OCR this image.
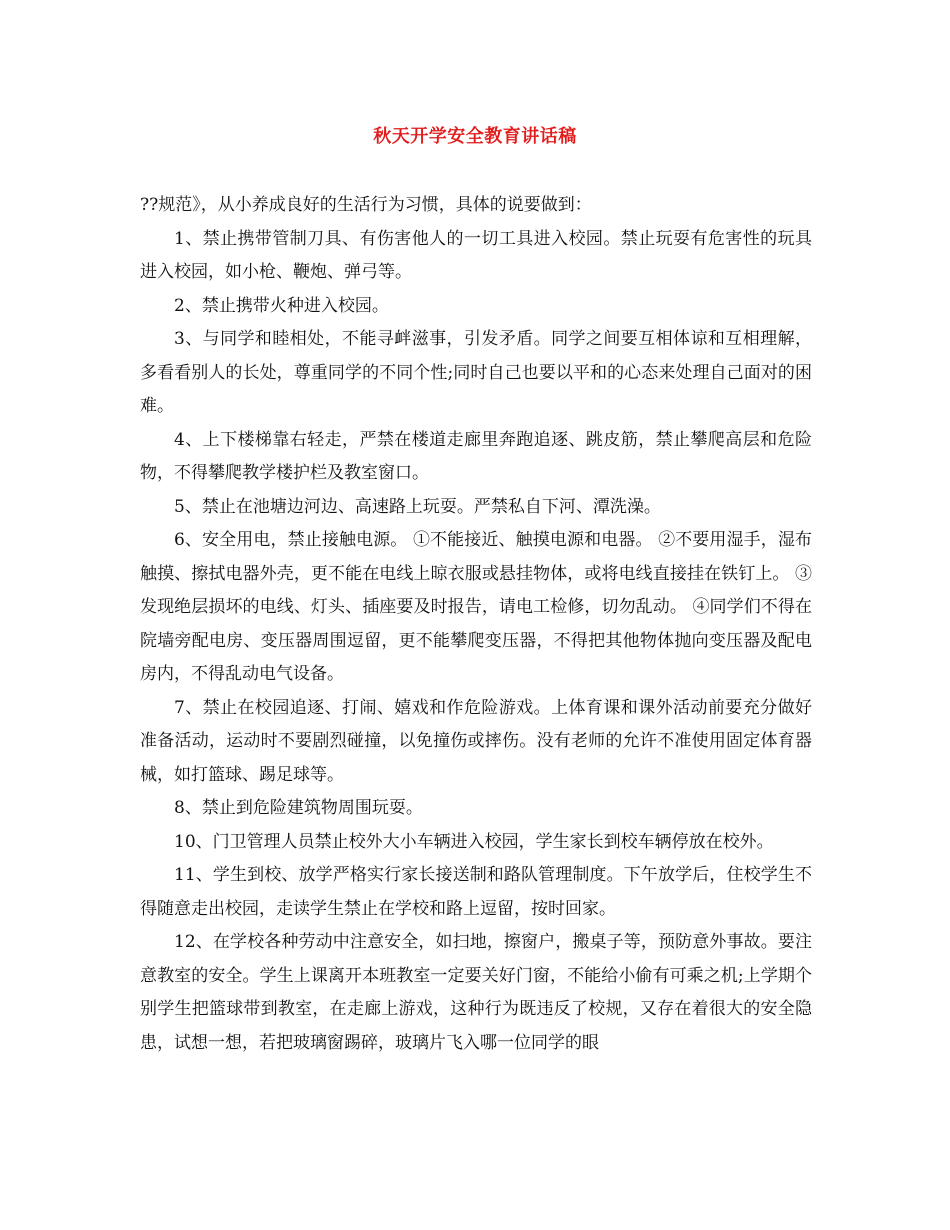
秋天开学安全教育讲话稿

??规范》，从小养成良好的生活行为习惯，具体的说要做到：

1、禁止携带管制刀具、有伤害他人的一切工具进入校园。禁止玩耍有危害性的玩具进入校园，如小枪、鞭炮、弹弓等。

2、禁止携带火种进入校园。

3、与同学和睦相处，不能寻衅滋事，引发矛盾。同学之间要互相体谅和互相理解，多看看别人的长处，尊重同学的不同个性;同时自己也要以平和的心态来处理自己面对的困难。

4、上下楼梯靠右轻走，严禁在楼道走廊里奔跑追逐、跳皮筋，禁止攀爬高层和危险物，不得攀爬教学楼护栏及教室窗口。

5、禁止在池塘边河边、高速路上玩耍。严禁私自下河、潭洗澡。

6、安全用电，禁止接触电源。 ①不能接近、触摸电源和电器。 ②不要用湿手，湿布触摸、擦拭电器外壳，更不能在电线上晾衣服或悬挂物体，或将电线直接挂在铁钉上。 ③发现绝层损坏的电线、灯头、插座要及时报告，请电工检修，切勿乱动。 ④同学们不得在院墙旁配电房、变压器周围逗留，更不能攀爬变压器，不得把其他物体抛向变压器及配电房内，不得乱动电气设备。

7、禁止在校园追逐、打闹、嬉戏和作危险游戏。上体育课和课外活动前要充分做好准备活动，运动时不要剧烈碰撞，以免撞伤或摔伤。没有老师的允许不准使用固定体育器械，如打篮球、踢足球等。

8、禁止到危险建筑物周围玩耍。

10、门卫管理人员禁止校外大小车辆进入校园，学生家长到校车辆停放在校外。

11、学生到校、放学严格实行家长接送制和路队管理制度。下午放学后，住校学生不得随意走出校园，走读学生禁止在学校和路上逗留，按时回家。

12、在学校各种劳动中注意安全，如扫地，擦窗户，搬桌子等，预防意外事故。要注意教室的安全。学生上课离开本班教室一定要关好门窗，不能给小偷有可乘之机;上学期个别学生把篮球带到教室，在走廊上游戏，这种行为既违反了校规，又存在着很大的安全隐患，试想一想，若把玻璃窗踢碎，玻璃片飞入哪一位同学的眼
